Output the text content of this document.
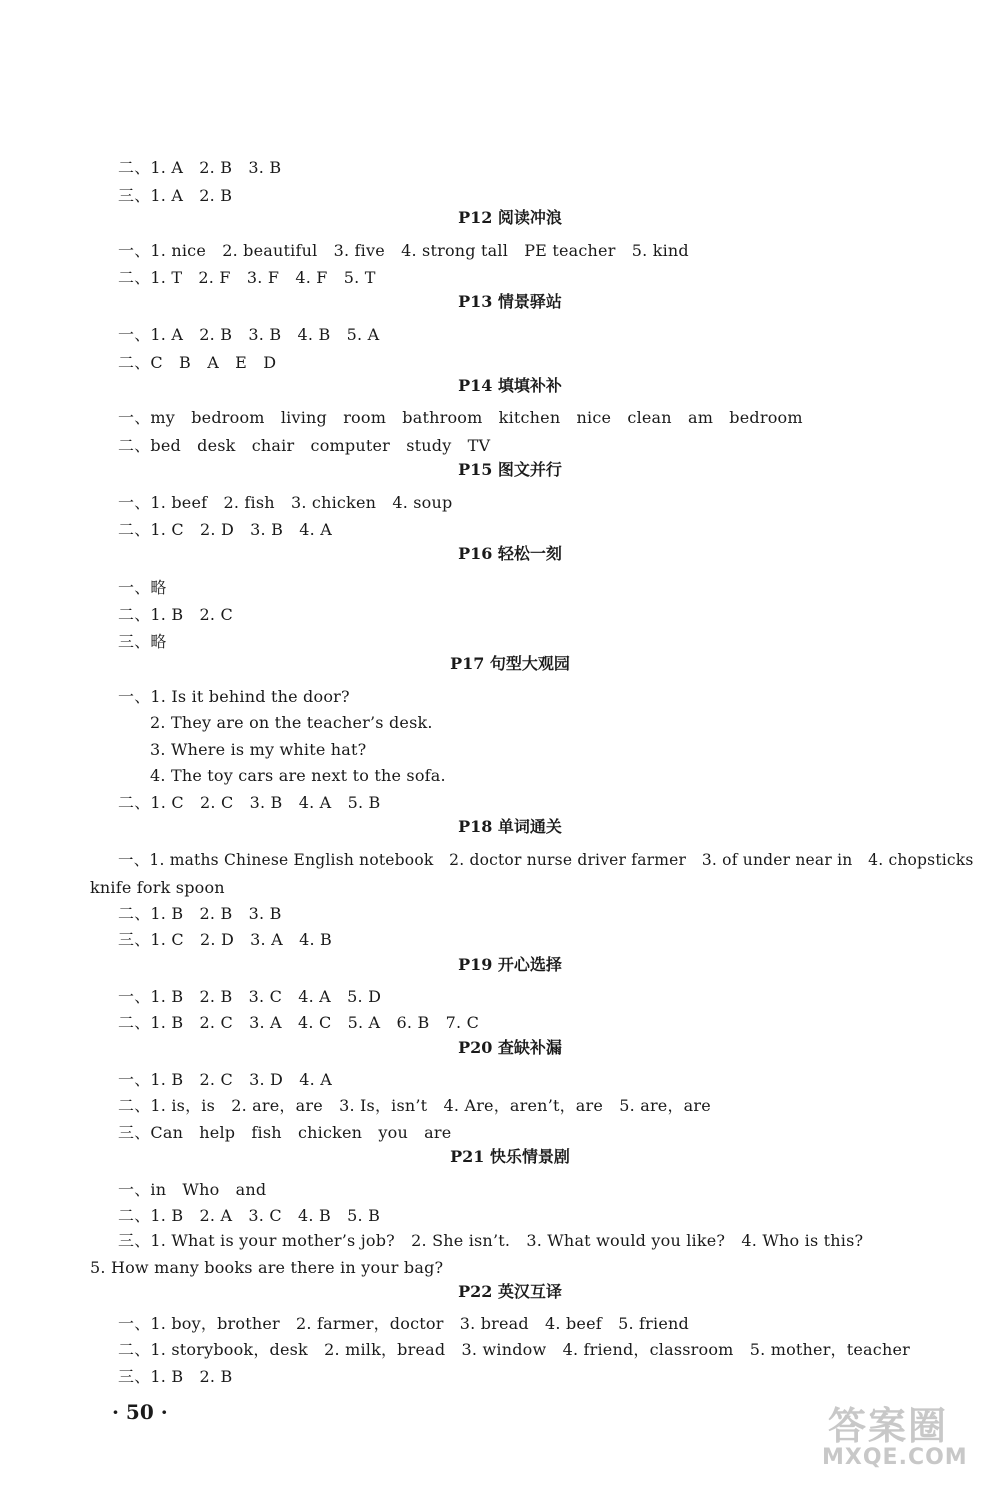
二、1. A　2. B　3. B
三、1. A　2. B
P12 阅读冲浪
一、1. nice　2. beautiful　3. five　4. strong tall　PE teacher　5. kind
二、1. T　2. F　3. F　4. F　5. T
P13 情景驿站
一、1. A　2. B　3. B　4. B　5. A
二、C　B　A　E　D
P14 填填补补
一、my　bedroom　living　room　bathroom　kitchen　nice　clean　am　bedroom
二、bed　desk　chair　computer　study　TV
P15 图文并行
一、1. beef　2. fish　3. chicken　4. soup
二、1. C　2. D　3. B　4. A
P16 轻松一刻
一、略
二、1. B　2. C
三、略
P17 句型大观园
一、1. Is it behind the door?
2. They are on the teacher’s desk.
3. Where is my white hat?
4. The toy cars are next to the sofa.
二、1. C　2. C　3. B　4. A　5. B
P18 单词通关
一、1. maths Chinese English notebook　2. doctor nurse driver farmer　3. of under near in　4. chopsticks
knife fork spoon
二、1. B　2. B　3. B
三、1. C　2. D　3. A　4. B
P19 开心选择
一、1. B　2. B　3. C　4. A　5. D
二、1. B　2. C　3. A　4. C　5. A　6. B　7. C
P20 查缺补漏
一、1. B　2. C　3. D　4. A
二、1. is，is　2. are，are　3. Is，isn’t　4. Are，aren’t，are　5. are，are
三、Can　help　fish　chicken　you　are
P21 快乐情景剧
一、in　Who　and
二、1. B　2. A　3. C　4. B　5. B
三、1. What is your mother’s job?　2. She isn’t.　3. What would you like?　4. Who is this?
5. How many books are there in your bag?
P22 英汉互译
一、1. boy，brother　2. farmer，doctor　3. bread　4. beef　5. friend
二、1. storybook，desk　2. milk，bread　3. window　4. friend，classroom　5. mother，teacher
三、1. B　2. B
· 50 ·	答案圈
MXQE.COM
